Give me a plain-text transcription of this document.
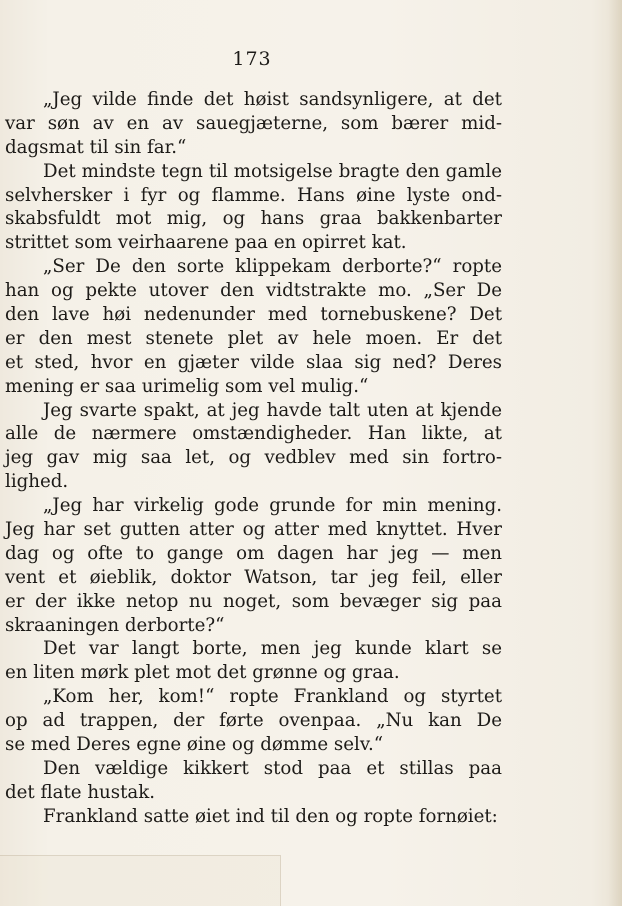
173
„Jeg vilde finde det høist sandsynligere, at det
var søn av en av sauegjæterne, som bærer mid-
dagsmat til sin far.“
Det mindste tegn til motsigelse bragte den gamle
selvhersker i fyr og flamme. Hans øine lyste ond-
skabsfuldt mot mig, og hans graa bakkenbarter
strittet som veirhaarene paa en opirret kat.
„Ser De den sorte klippekam derborte?“ ropte
han og pekte utover den vidtstrakte mo. „Ser De
den lave høi nedenunder med tornebuskene? Det
er den mest stenete plet av hele moen. Er det
et sted, hvor en gjæter vilde slaa sig ned? Deres
mening er saa urimelig som vel mulig.“
Jeg svarte spakt, at jeg havde talt uten at kjende
alle de nærmere omstændigheder. Han likte, at
jeg gav mig saa let, og vedblev med sin fortro-
lighed.
„Jeg har virkelig gode grunde for min mening.
Jeg har set gutten atter og atter med knyttet. Hver
dag og ofte to gange om dagen har jeg — men
vent et øieblik, doktor Watson, tar jeg feil, eller
er der ikke netop nu noget, som bevæger sig paa
skraaningen derborte?“
Det var langt borte, men jeg kunde klart se
en liten mørk plet mot det grønne og graa.
„Kom her, kom!“ ropte Frankland og styrtet
op ad trappen, der førte ovenpaa. „Nu kan De
se med Deres egne øine og dømme selv.“
Den vældige kikkert stod paa et stillas paa
det flate hustak.
Frankland satte øiet ind til den og ropte fornøiet:
